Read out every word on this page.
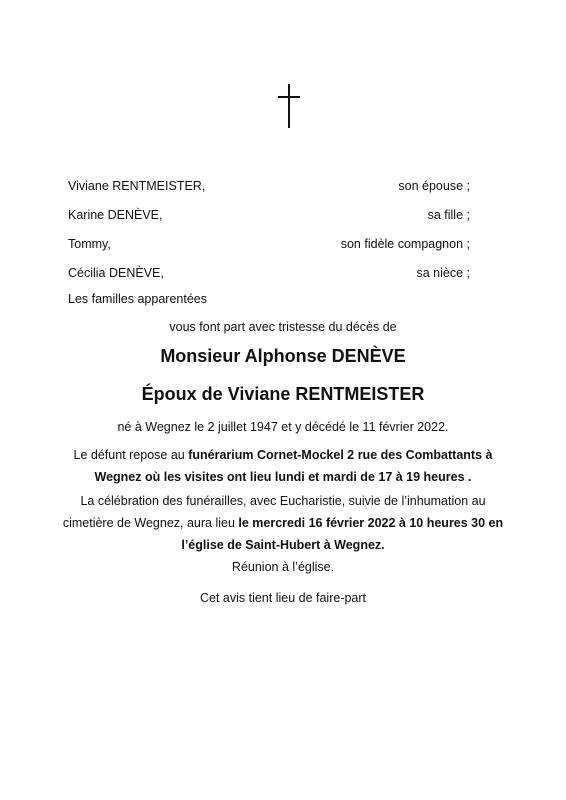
Viviane RENTMEISTER,	son épouse ;
Karine DENÈVE,	sa fille ;
Tommy,	son fidèle compagnon ;
Cécilia DENÈVE,	sa nièce ;
Les familles apparentées
vous font part avec tristesse du décès de
Monsieur Alphonse DENÈVE
Époux de Viviane RENTMEISTER
né à Wegnez le 2 juillet 1947 et y décédé le 11 février 2022.
Le défunt repose au funérarium Cornet-Mockel 2 rue des Combattants à
Wegnez où les visites ont lieu lundi et mardi de 17 à 19 heures .
La célébration des funérailles, avec Eucharistie, suivie de l’inhumation au
cimetière de Wegnez, aura lieu le mercredi 16 février 2022 à 10 heures 30 en
l’église de Saint-Hubert à Wegnez.
Réunion à l’église.
Cet avis tient lieu de faire-part
